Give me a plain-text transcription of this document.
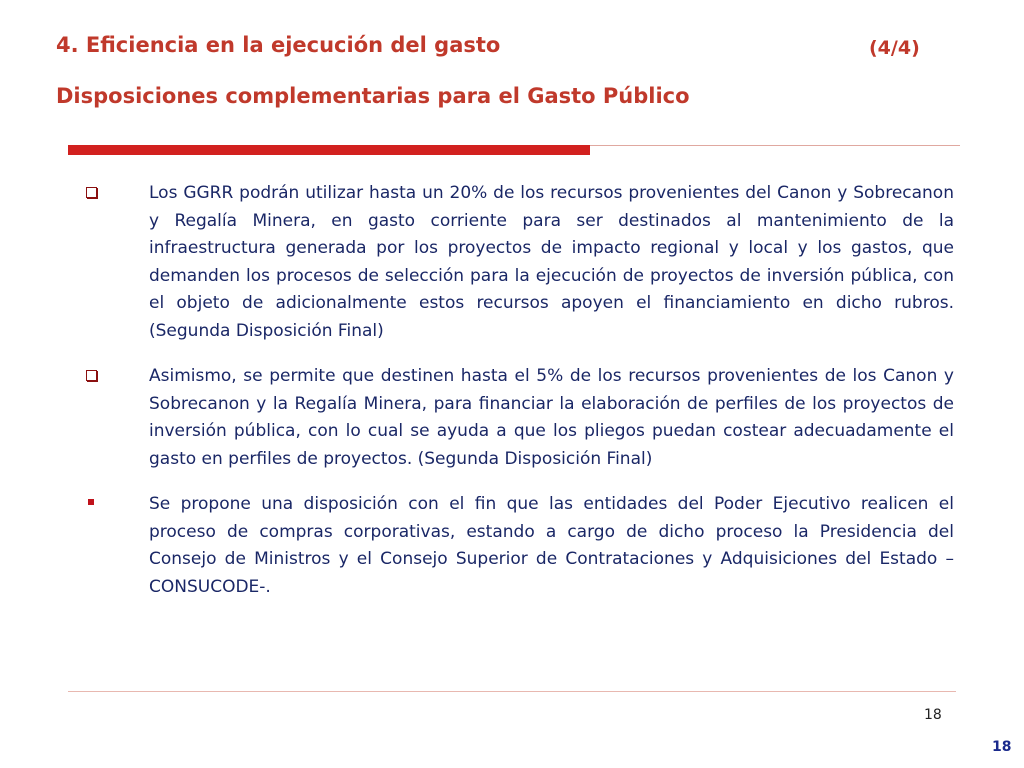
4. Eficiencia en la ejecución del gasto	(4/4)
Disposiciones complementarias para el Gasto Público

Los GGRR podrán utilizar hasta un 20% de los recursos provenientes del Canon y Sobrecanon y Regalía Minera, en gasto corriente para ser destinados al mantenimiento de la infraestructura generada por los proyectos de impacto regional y local y los gastos, que demanden los procesos de selección para la ejecución de proyectos de inversión pública, con el objeto de adicionalmente estos recursos apoyen el financiamiento en dicho rubros. (Segunda Disposición Final)

Asimismo, se permite que destinen hasta el 5% de los recursos provenientes de los Canon y Sobrecanon y la Regalía Minera, para financiar la elaboración de perfiles de los proyectos de inversión pública, con lo cual se ayuda a que los pliegos puedan costear adecuadamente el gasto en perfiles de proyectos. (Segunda Disposición Final)

Se propone una disposición con el fin que las entidades del Poder Ejecutivo realicen el proceso de compras corporativas, estando a cargo de dicho proceso la Presidencia del Consejo de Ministros y el Consejo Superior de Contrataciones y Adquisiciones del Estado – CONSUCODE-.

18
18
